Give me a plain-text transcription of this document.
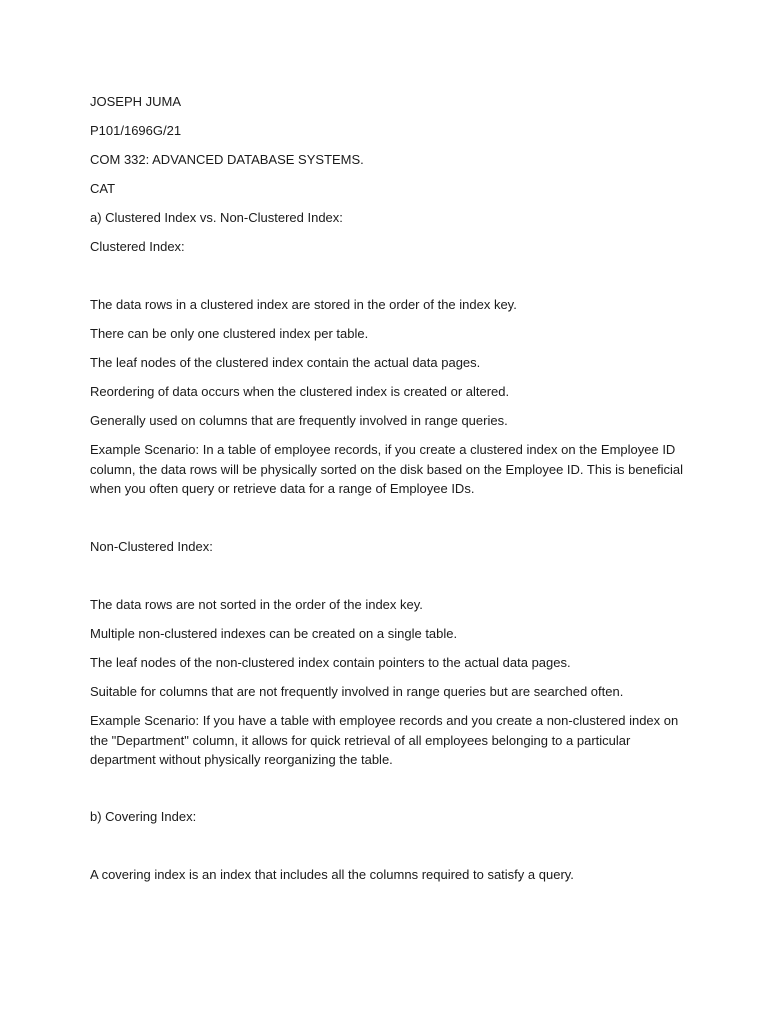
JOSEPH JUMA

P101/1696G/21

COM 332: ADVANCED DATABASE SYSTEMS.

CAT

a) Clustered Index vs. Non-Clustered Index:

Clustered Index:

The data rows in a clustered index are stored in the order of the index key.

There can be only one clustered index per table.

The leaf nodes of the clustered index contain the actual data pages.

Reordering of data occurs when the clustered index is created or altered.

Generally used on columns that are frequently involved in range queries.

Example Scenario: In a table of employee records, if you create a clustered index on the Employee ID
column, the data rows will be physically sorted on the disk based on the Employee ID. This is beneficial
when you often query or retrieve data for a range of Employee IDs.

Non-Clustered Index:

The data rows are not sorted in the order of the index key.

Multiple non-clustered indexes can be created on a single table.

The leaf nodes of the non-clustered index contain pointers to the actual data pages.

Suitable for columns that are not frequently involved in range queries but are searched often.

Example Scenario: If you have a table with employee records and you create a non-clustered index on
the "Department" column, it allows for quick retrieval of all employees belonging to a particular
department without physically reorganizing the table.

b) Covering Index:

A covering index is an index that includes all the columns required to satisfy a query.
